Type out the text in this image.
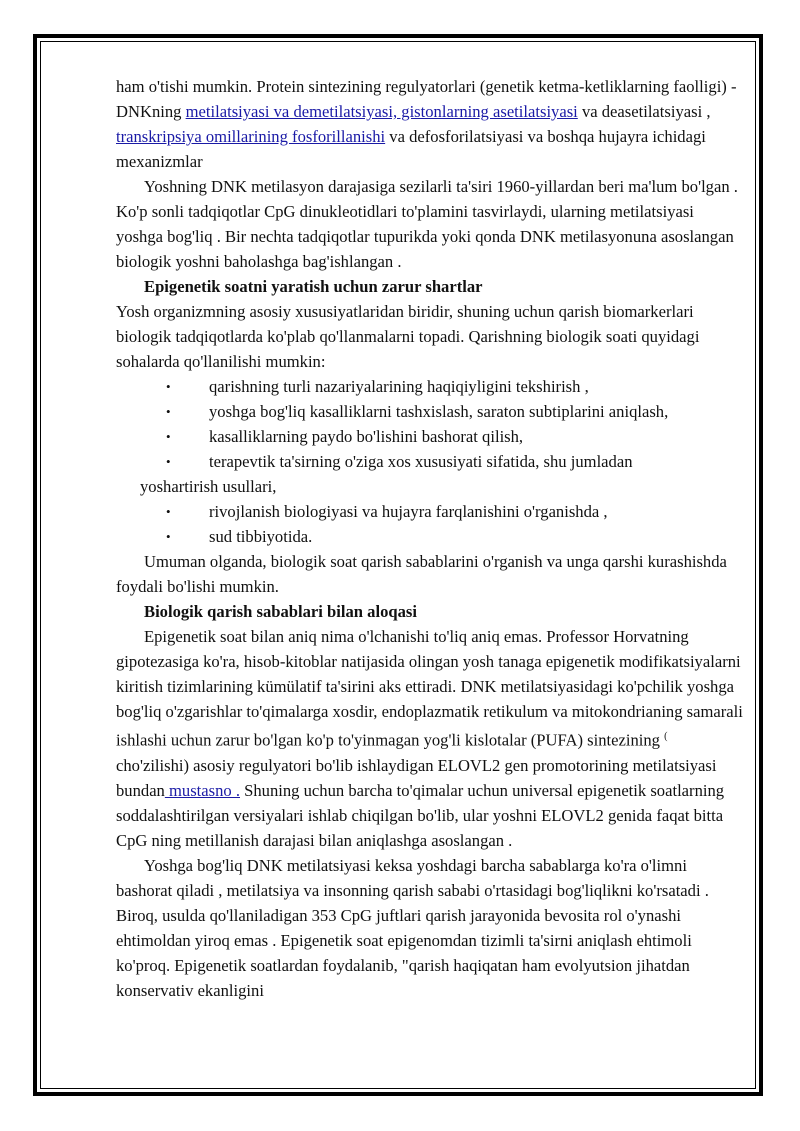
ham o'tishi mumkin. Protein sintezining regulyatorlari (genetik ketma-ketliklarning faolligi) - DNKning metilatsiyasi va demetilatsiyasi, gistonlarning asetilatsiyasi va deasetilatsiyasi , transkripsiya omillarining fosforillanishi va defosforilatsiyasi va boshqa hujayra ichidagi mexanizmlar

Yoshning DNK metilasyon darajasiga sezilarli ta'siri 1960-yillardan beri ma'lum bo'lgan . Ko'p sonli tadqiqotlar CpG dinukleotidlari to'plamini tasvirlaydi, ularning metilatsiyasi yoshga bog'liq . Bir nechta tadqiqotlar tupurikda yoki qonda DNK metilasyonuna asoslangan biologik yoshni baholashga bag'ishlangan .

Epigenetik soatni yaratish uchun zarur shartlar

Yosh organizmning asosiy xususiyatlaridan biridir, shuning uchun qarish biomarkerlari biologik tadqiqotlarda ko'plab qo'llanmalarni topadi. Qarishning biologik soati quyidagi sohalarda qo'llanilishi mumkin:

• qarishning turli nazariyalarining haqiqiyligini tekshirish ,
• yoshga bog'liq kasalliklarni tashxislash, saraton subtiplarini aniqlash,
• kasalliklarning paydo bo'lishini bashorat qilish,
• terapevtik ta'sirning o'ziga xos xususiyati sifatida, shu jumladan

yoshartirish usullari,

• rivojlanish biologiyasi va hujayra farqlanishini o'rganishda ,
• sud tibbiyotida.

Umuman olganda, biologik soat qarish sabablarini o'rganish va unga qarshi kurashishda foydali bo'lishi mumkin.

Biologik qarish sabablari bilan aloqasi

Epigenetik soat bilan aniq nima o'lchanishi to'liq aniq emas. Professor Horvatning gipotezasiga ko'ra, hisob-kitoblar natijasida olingan yosh tanaga epigenetik modifikatsiyalarni kiritish tizimlarining kümülatif ta'sirini aks ettiradi. DNK metilatsiyasidagi ko'pchilik yoshga bog'liq o'zgarishlar to'qimalarga xosdir, endoplazmatik retikulum va mitokondrianing samarali ishlashi uchun zarur bo'lgan ko'p to'yinmagan yog'li kislotalar (PUFA) sintezining ( cho'zilishi) asosiy regulyatori bo'lib ishlaydigan ELOVL2 gen promotorining metilatsiyasi bundan mustasno . Shuning uchun barcha to'qimalar uchun universal epigenetik soatlarning soddalashtirilgan versiyalari ishlab chiqilgan bo'lib, ular yoshni ELOVL2 genida faqat bitta CpG ning metillanish darajasi bilan aniqlashga asoslangan .

Yoshga bog'liq DNK metilatsiyasi keksa yoshdagi barcha sabablarga ko'ra o'limni bashorat qiladi , metilatsiya va insonning qarish sababi o'rtasidagi bog'liqlikni ko'rsatadi . Biroq, usulda qo'llaniladigan 353 CpG juftlari qarish jarayonida bevosita rol o'ynashi ehtimoldan yiroq emas . Epigenetik soat epigenomdan tizimli ta'sirni aniqlash ehtimoli ko'proq. Epigenetik soatlardan foydalanib, "qarish haqiqatan ham evolyutsion jihatdan konservativ ekanligini
